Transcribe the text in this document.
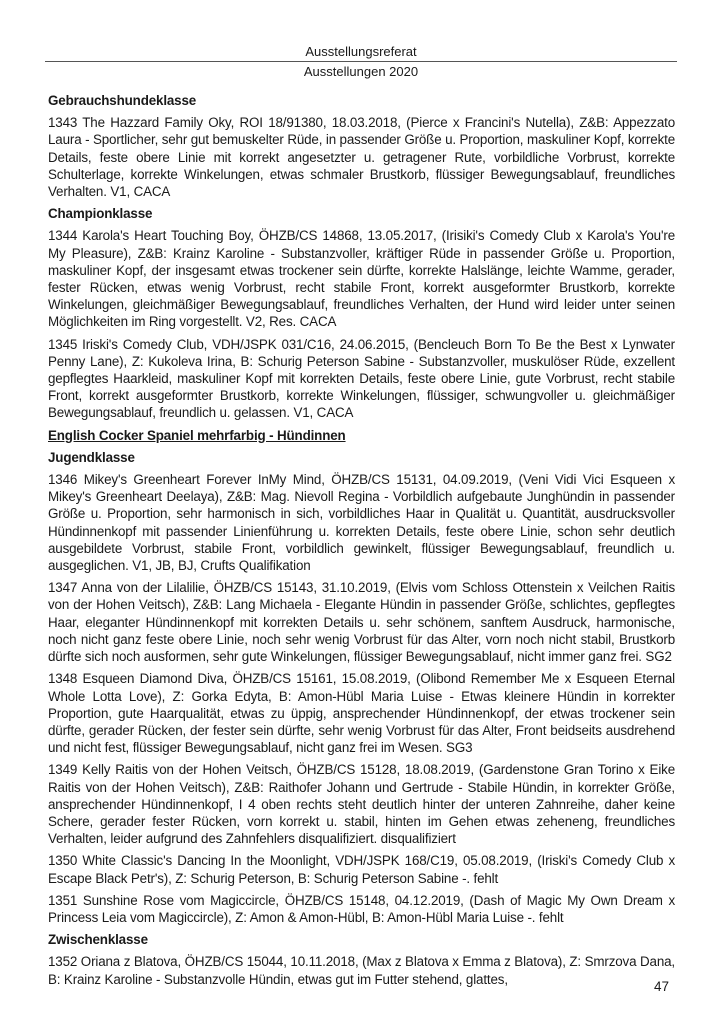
Ausstellungsreferat
Ausstellungen 2020

Gebrauchshundeklasse

1343 The Hazzard Family Oky, ROI 18/91380, 18.03.2018, (Pierce x Francini's Nutella), Z&B: Appezzato Laura - Sportlicher, sehr gut bemuskelter Rüde, in passender Größe u. Proportion, maskuliner Kopf, korrekte Details, feste obere Linie mit korrekt angesetzter u. getragener Rute, vorbildliche Vorbrust, korrekte Schulterlage, korrekte Winkelungen, etwas schmaler Brustkorb, flüssiger Bewegungsablauf, freundliches Verhalten. V1, CACA

Championklasse

1344 Karola's Heart Touching Boy, ÖHZB/CS 14868, 13.05.2017, (Irisiki's Comedy Club x Karola's You're My Pleasure), Z&B: Krainz Karoline - Substanzvoller, kräftiger Rüde in passender Größe u. Proportion, maskuliner Kopf, der insgesamt etwas trockener sein dürfte, korrekte Halslänge, leichte Wamme, gerader, fester Rücken, etwas wenig Vorbrust, recht stabile Front, korrekt ausgeformter Brustkorb, korrekte Winkelungen, gleichmäßiger Bewegungsablauf, freundliches Verhalten, der Hund wird leider unter seinen Möglichkeiten im Ring vorgestellt. V2, Res. CACA

1345 Iriski's Comedy Club, VDH/JSPK 031/C16, 24.06.2015, (Bencleuch Born To Be the Best x Lynwater Penny Lane), Z: Kukoleva Irina, B: Schurig Peterson Sabine - Substanzvoller, muskulöser Rüde, exzellent gepflegtes Haarkleid, maskuliner Kopf mit korrekten Details, feste obere Linie, gute Vorbrust, recht stabile Front, korrekt ausgeformter Brustkorb, korrekte Winkelungen, flüssiger, schwungvoller u. gleichmäßiger Bewegungsablauf, freundlich u. gelassen. V1, CACA

English Cocker Spaniel mehrfarbig - Hündinnen

Jugendklasse

1346 Mikey's Greenheart Forever InMy Mind, ÖHZB/CS 15131, 04.09.2019, (Veni Vidi Vici Esqueen x Mikey's Greenheart Deelaya), Z&B: Mag. Nievoll Regina - Vorbildlich aufgebaute Junghündin in passender Größe u. Proportion, sehr harmonisch in sich, vorbildliches Haar in Qualität u. Quantität, ausdrucksvoller Hündinnenkopf mit passender Linienführung u. korrekten Details, feste obere Linie, schon sehr deutlich ausgebildete Vorbrust, stabile Front, vorbildlich gewinkelt, flüssiger Bewegungsablauf, freundlich u. ausgeglichen. V1, JB, BJ, Crufts Qualifikation

1347 Anna von der Lilalilie, ÖHZB/CS 15143, 31.10.2019, (Elvis vom Schloss Ottenstein x Veilchen Raitis von der Hohen Veitsch), Z&B: Lang Michaela - Elegante Hündin in passender Größe, schlichtes, gepflegtes Haar, eleganter Hündinnenkopf mit korrekten Details u. sehr schönem, sanftem Ausdruck, harmonische, noch nicht ganz feste obere Linie, noch sehr wenig Vorbrust für das Alter, vorn noch nicht stabil, Brustkorb dürfte sich noch ausformen, sehr gute Winkelungen, flüssiger Bewegungsablauf, nicht immer ganz frei. SG2

1348 Esqueen Diamond Diva, ÖHZB/CS 15161, 15.08.2019, (Olibond Remember Me x Esqueen Eternal Whole Lotta Love), Z: Gorka Edyta, B: Amon-Hübl Maria Luise - Etwas kleinere Hündin in korrekter Proportion, gute Haarqualität, etwas zu üppig, ansprechender Hündinnenkopf, der etwas trockener sein dürfte, gerader Rücken, der fester sein dürfte, sehr wenig Vorbrust für das Alter, Front beidseits ausdrehend und nicht fest, flüssiger Bewegungsablauf, nicht ganz frei im Wesen. SG3

1349 Kelly Raitis von der Hohen Veitsch, ÖHZB/CS 15128, 18.08.2019, (Gardenstone Gran Torino x Eike Raitis von der Hohen Veitsch), Z&B: Raithofer Johann und Gertrude - Stabile Hündin, in korrekter Größe, ansprechender Hündinnenkopf, I 4 oben rechts steht deutlich hinter der unteren Zahnreihe, daher keine Schere, gerader fester Rücken, vorn korrekt u. stabil, hinten im Gehen etwas zeheneng, freundliches Verhalten, leider aufgrund des Zahnfehlers disqualifiziert. disqualifiziert

1350 White Classic's Dancing In the Moonlight, VDH/JSPK 168/C19, 05.08.2019, (Iriski's Comedy Club x Escape Black Petr's), Z: Schurig Peterson, B: Schurig Peterson Sabine -. fehlt

1351 Sunshine Rose vom Magiccircle, ÖHZB/CS 15148, 04.12.2019, (Dash of Magic My Own Dream x Princess Leia vom Magiccircle), Z: Amon & Amon-Hübl, B: Amon-Hübl Maria Luise -. fehlt

Zwischenklasse

1352 Oriana z Blatova, ÖHZB/CS 15044, 10.11.2018, (Max z Blatova x Emma z Blatova), Z: Smrzova Dana, B: Krainz Karoline - Substanzvolle Hündin, etwas gut im Futter stehend, glattes,	47
